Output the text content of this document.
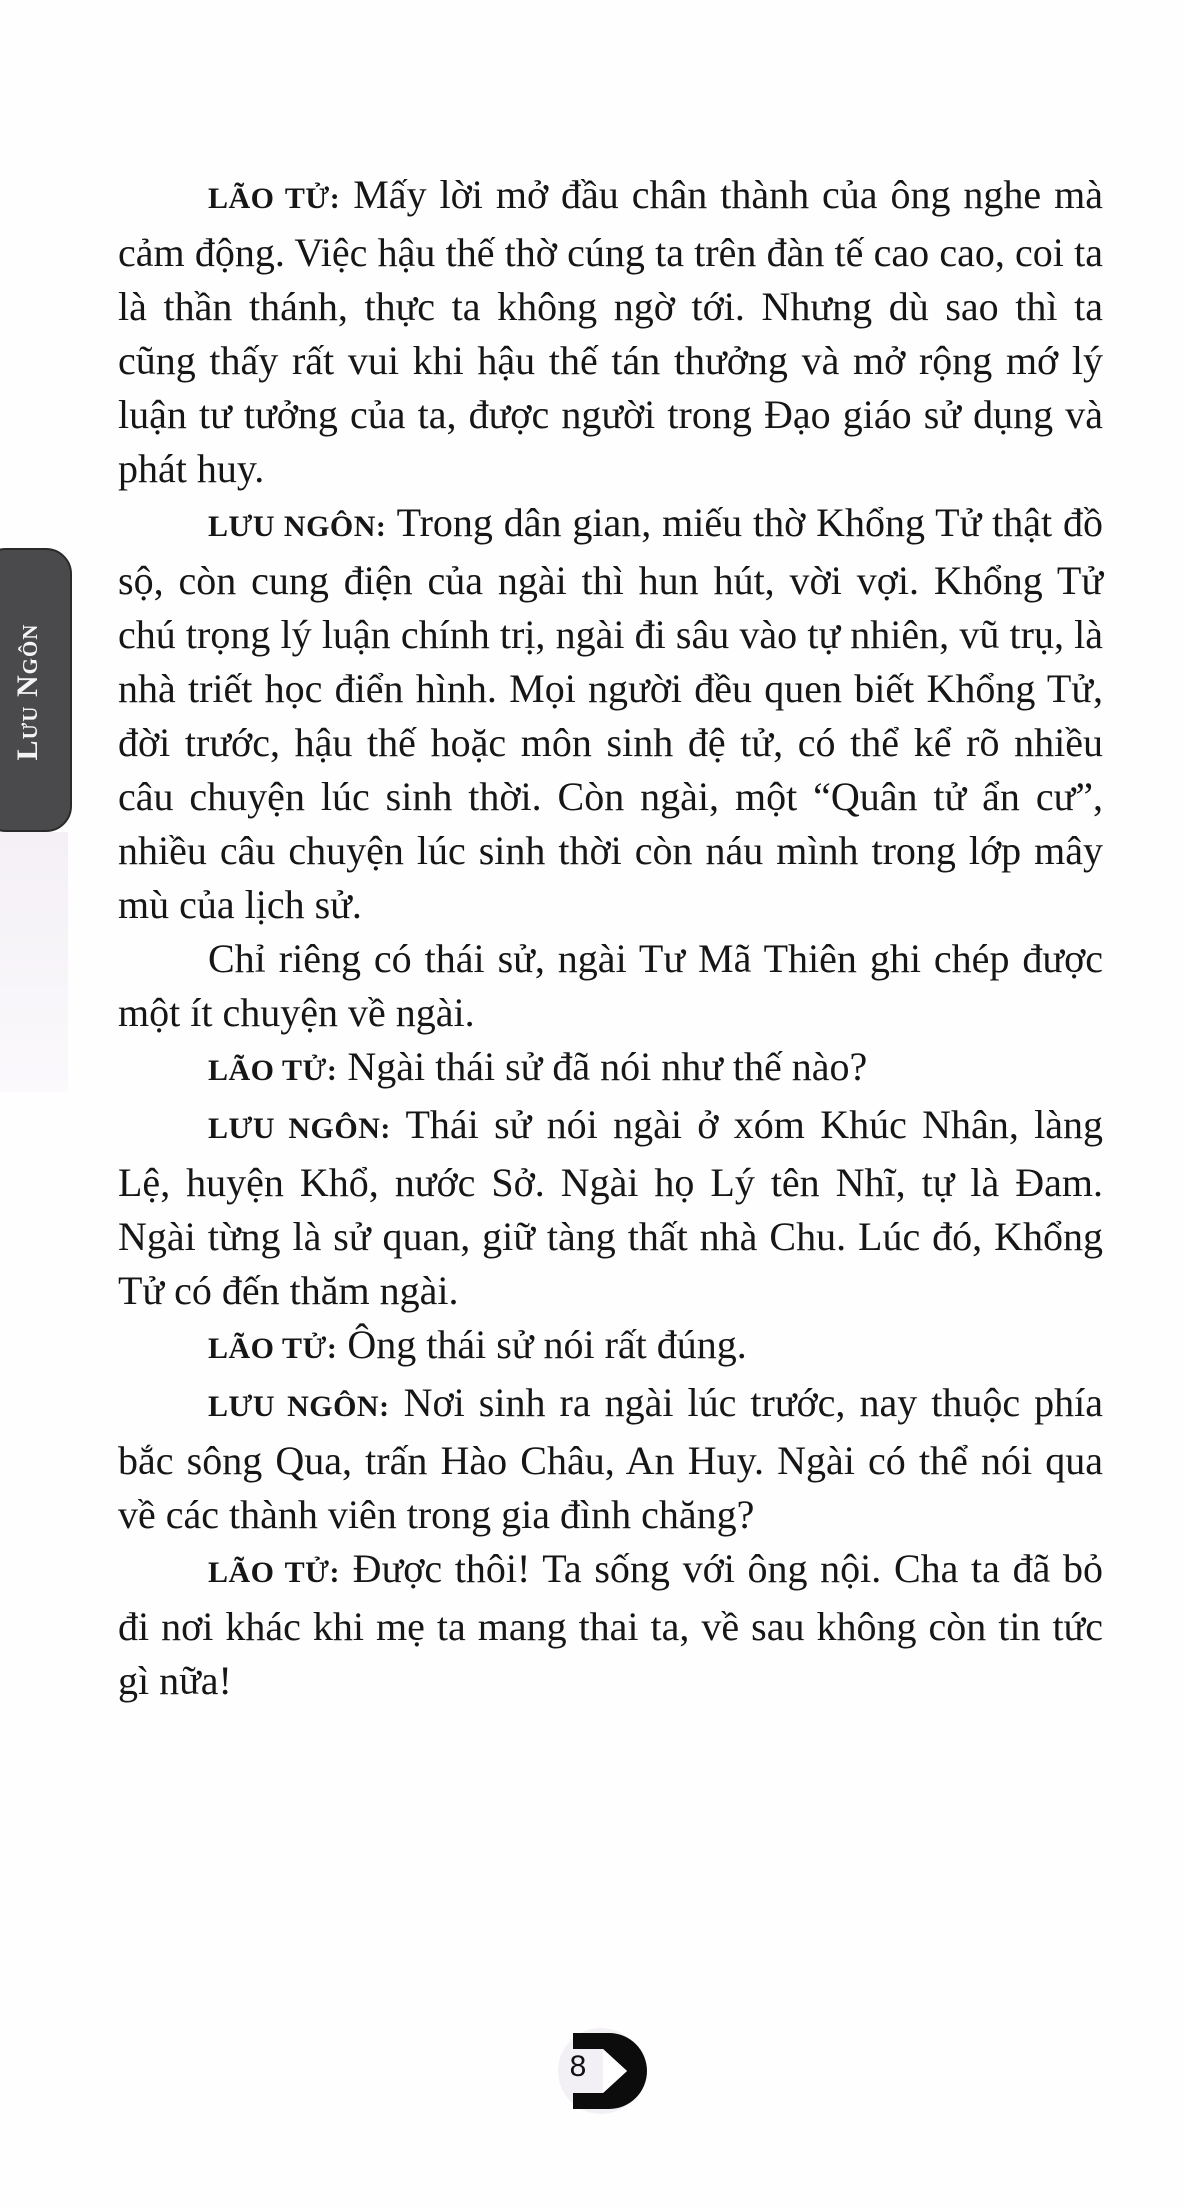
Lưu Ngôn

LÃO TỬ: Mấy lời mở đầu chân thành của ông nghe mà cảm động. Việc hậu thế thờ cúng ta trên đàn tế cao cao, coi ta là thần thánh, thực ta không ngờ tới. Nhưng dù sao thì ta cũng thấy rất vui khi hậu thế tán thưởng và mở rộng mớ lý luận tư tưởng của ta, được người trong Đạo giáo sử dụng và phát huy.

LƯU NGÔN: Trong dân gian, miếu thờ Khổng Tử thật đồ sộ, còn cung điện của ngài thì hun hút, vời vợi. Khổng Tử chú trọng lý luận chính trị, ngài đi sâu vào tự nhiên, vũ trụ, là nhà triết học điển hình. Mọi người đều quen biết Khổng Tử, đời trước, hậu thế hoặc môn sinh đệ tử, có thể kể rõ nhiều câu chuyện lúc sinh thời. Còn ngài, một “Quân tử ẩn cư”, nhiều câu chuyện lúc sinh thời còn náu mình trong lớp mây mù của lịch sử.

Chỉ riêng có thái sử, ngài Tư Mã Thiên ghi chép được một ít chuyện về ngài.

LÃO TỬ: Ngài thái sử đã nói như thế nào?

LƯU NGÔN: Thái sử nói ngài ở xóm Khúc Nhân, làng Lệ, huyện Khổ, nước Sở. Ngài họ Lý tên Nhĩ, tự là Đam. Ngài từng là sử quan, giữ tàng thất nhà Chu. Lúc đó, Khổng Tử có đến thăm ngài.

LÃO TỬ: Ông thái sử nói rất đúng.

LƯU NGÔN: Nơi sinh ra ngài lúc trước, nay thuộc phía bắc sông Qua, trấn Hào Châu, An Huy. Ngài có thể nói qua về các thành viên trong gia đình chăng?

LÃO TỬ: Được thôi! Ta sống với ông nội. Cha ta đã bỏ đi nơi khác khi mẹ ta mang thai ta, về sau không còn tin tức gì nữa!

8
